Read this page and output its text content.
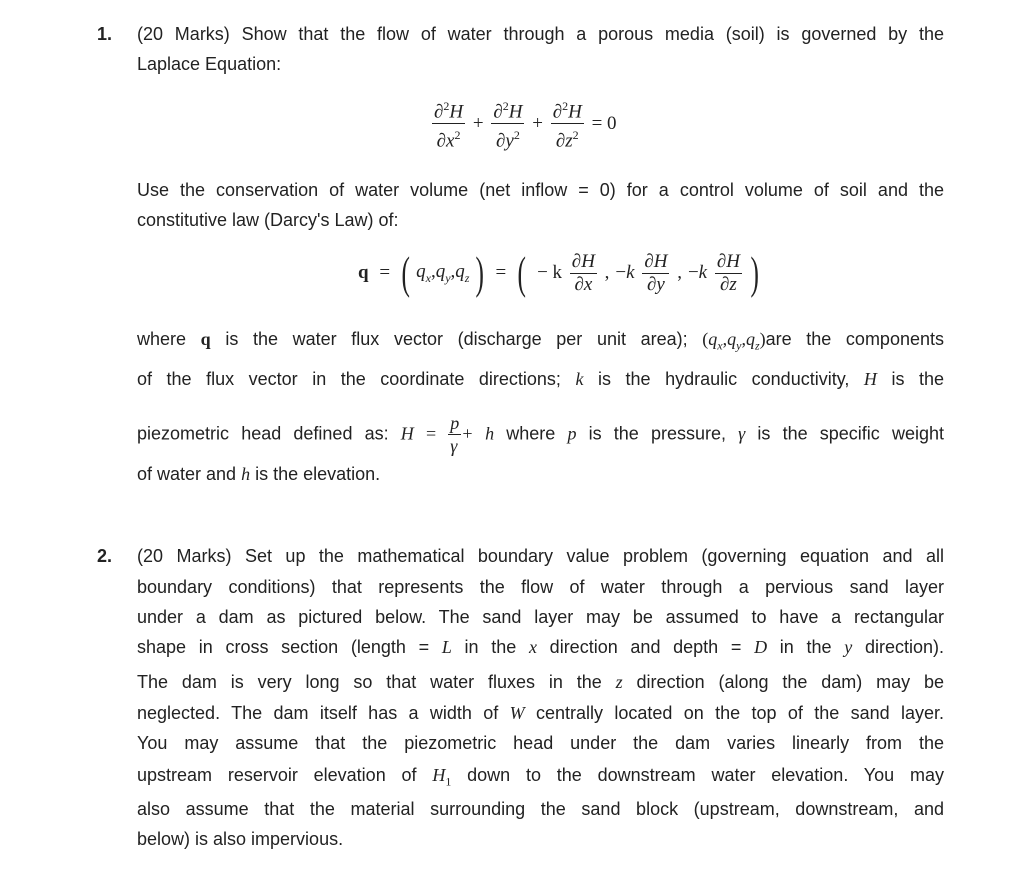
1. (20 Marks) Show that the flow of water through a porous media (soil) is governed by the
Laplace Equation:
$\frac{\partial^2H}{\partial x^2} + \frac{\partial^2H}{\partial y^2} + \frac{\partial^2H}{\partial z^2} = 0$
Use the conservation of water volume (net inflow = 0) for a control volume of soil and the
constitutive law (Darcy's Law) of:
q = ( $q_x,q_y,q_z$ ) = ( − k $\frac{\partial H}{\partial x}$ , $-k \frac{\partial H}{\partial y}$ , $-k \frac{\partial H}{\partial z}$ )
where q is the water flux vector (discharge per unit area); $(q_x,q_y,q_z)are$ the components
of the flux vector in the coordinate directions; k is the hydraulic conductivity, H is the
piezometric head defined as: $H = \frac{p}{\gamma} + h$ where p is the pressure, γ is the specific weight
of water and h is the elevation.
2. (20 Marks) Set up the mathematical boundary value problem (governing equation and all
boundary conditions) that represents the flow of water through a pervious sand layer
under a dam as pictured below. The sand layer may be assumed to have a rectangular
shape in cross section (length = L in the x direction and depth = D in the y direction).
The dam is very long so that water fluxes in the z direction (along the dam) may be
neglected. The dam itself has a width of W centrally located on the top of the sand layer.
You may assume that the piezometric head under the dam varies linearly from the
upstream reservoir elevation of $H_1$ down to the downstream water elevation. You may
also assume that the material surrounding the sand block (upstream, downstream, and
below) is also impervious.
